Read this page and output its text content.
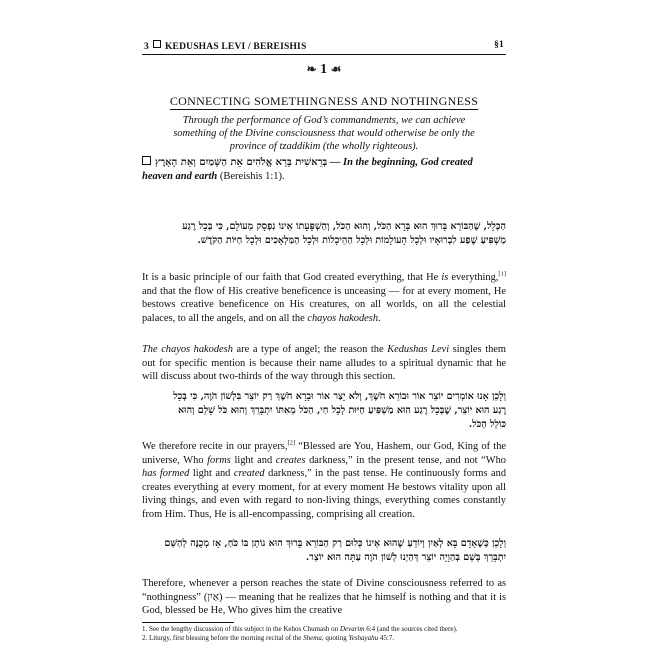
3 KEDUSHAS LEVI / BEREISHIS	§1
❧ 1 ☙
CONNECTING SOMETHINGNESS AND NOTHINGNESS
Through the performance of God’s commandments, we can achieve something of the Divine consciousness that would otherwise be only the province of tzaddikim (the wholly righteous).
בְּרֵאשִׁית בָּרָא אֱלֹהִים אֵת הַשָּׁמַיִם וְאֵת הָאָרֶץ — In the beginning, God created heaven and earth (Bereishis 1:1).
הַכְּלָל, שֶׁהַבּוֹרֵא בָּרוּךְ הוּא בָּרָא הַכֹּל, וְהוּא הַכֹּל, וְהַשְׁפָּעָתוֹ אֵינוֹ נִפְסָק מֵעוֹלָם, כִּי בְּכָל רֶגַע מַשְׁפִּיעַ שֶׁפַע לִבְרוּאָיו וּלְכָל הָעוֹלָמוֹת וּלְכָל הַהֵיכָלוֹת וּלְכָל הַמַּלְאָכִים וּלְכָל חַיּוֹת הַקֹּדֶשׁ.
It is a basic principle of our faith that God created everything, that He is everything,[1] and that the flow of His creative beneficence is unceasing — for at every moment, He bestows creative beneficence on His creatures, on all worlds, on all the celestial palaces, to all the angels, and on all the chayos hakodesh.
The chayos hakodesh are a type of angel; the reason the Kedushas Levi singles them out for specific mention is because their name alludes to a spiritual dynamic that he will discuss about two-thirds of the way through this section.
וְלָכֵן אָנוּ אוֹמְרִים יוֹצֵר אוֹר וּבוֹרֵא חֹשֶׁךְ, וְלֹא יָצַר אוֹר וּבָרָא חֹשֶׁךְ רַק יוֹצֵר בִּלְשׁוֹן הֹוֶה, כִּי בְּכָל רֶגַע הוּא יוֹצֵר, שֶׁבְּכָל רֶגַע הוּא מַשְׁפִּיעַ חַיּוּת לְכָל חַי, הַכֹּל מֵאִתּוֹ יִתְבָּרֵךְ וְהוּא כֹּל שָׁלֵם וְהוּא כּוֹלֵל הַכֹּל.
We therefore recite in our prayers,[2] “Blessed are You, Hashem, our God, King of the universe, Who forms light and creates darkness,” in the present tense, and not “Who has formed light and created darkness,” in the past tense. He continuously forms and creates everything at every moment, for at every moment He bestows vitality upon all living things, and even with regard to non-living things, everything comes constantly from Him. Thus, He is all-encompassing, comprising all creation.
וְלָכֵן כְּשֶׁאָדָם בָּא לְאַיִן וְיוֹדֵעַ שֶׁהוּא אֵינוֹ כְּלוּם רַק הַבּוֹרֵא בָּרוּךְ הוּא נוֹתֵן בּוֹ כֹּחַ, אָז מְכֻנֶּה לְהַשֵּׁם יִתְבָּרֵךְ בְּשֵׁם בְּהַוָיָה יוֹצֵר דְּהַיְנוּ לְשׁוֹן הֹוֶה עַתָּה הוּא יוֹצֵר.
Therefore, whenever a person reaches the state of Divine consciousness referred to as “nothingness” (אַיִן) — meaning that he realizes that he himself is nothing and that it is God, blessed be He, Who gives him the creative
1. See the lengthy discussion of this subject in the Kehos Chumash on Devarim 6:4 (and the sources cited there).
2. Liturgy, first blessing before the morning recital of the Shema, quoting Yeshayahu 45:7.
